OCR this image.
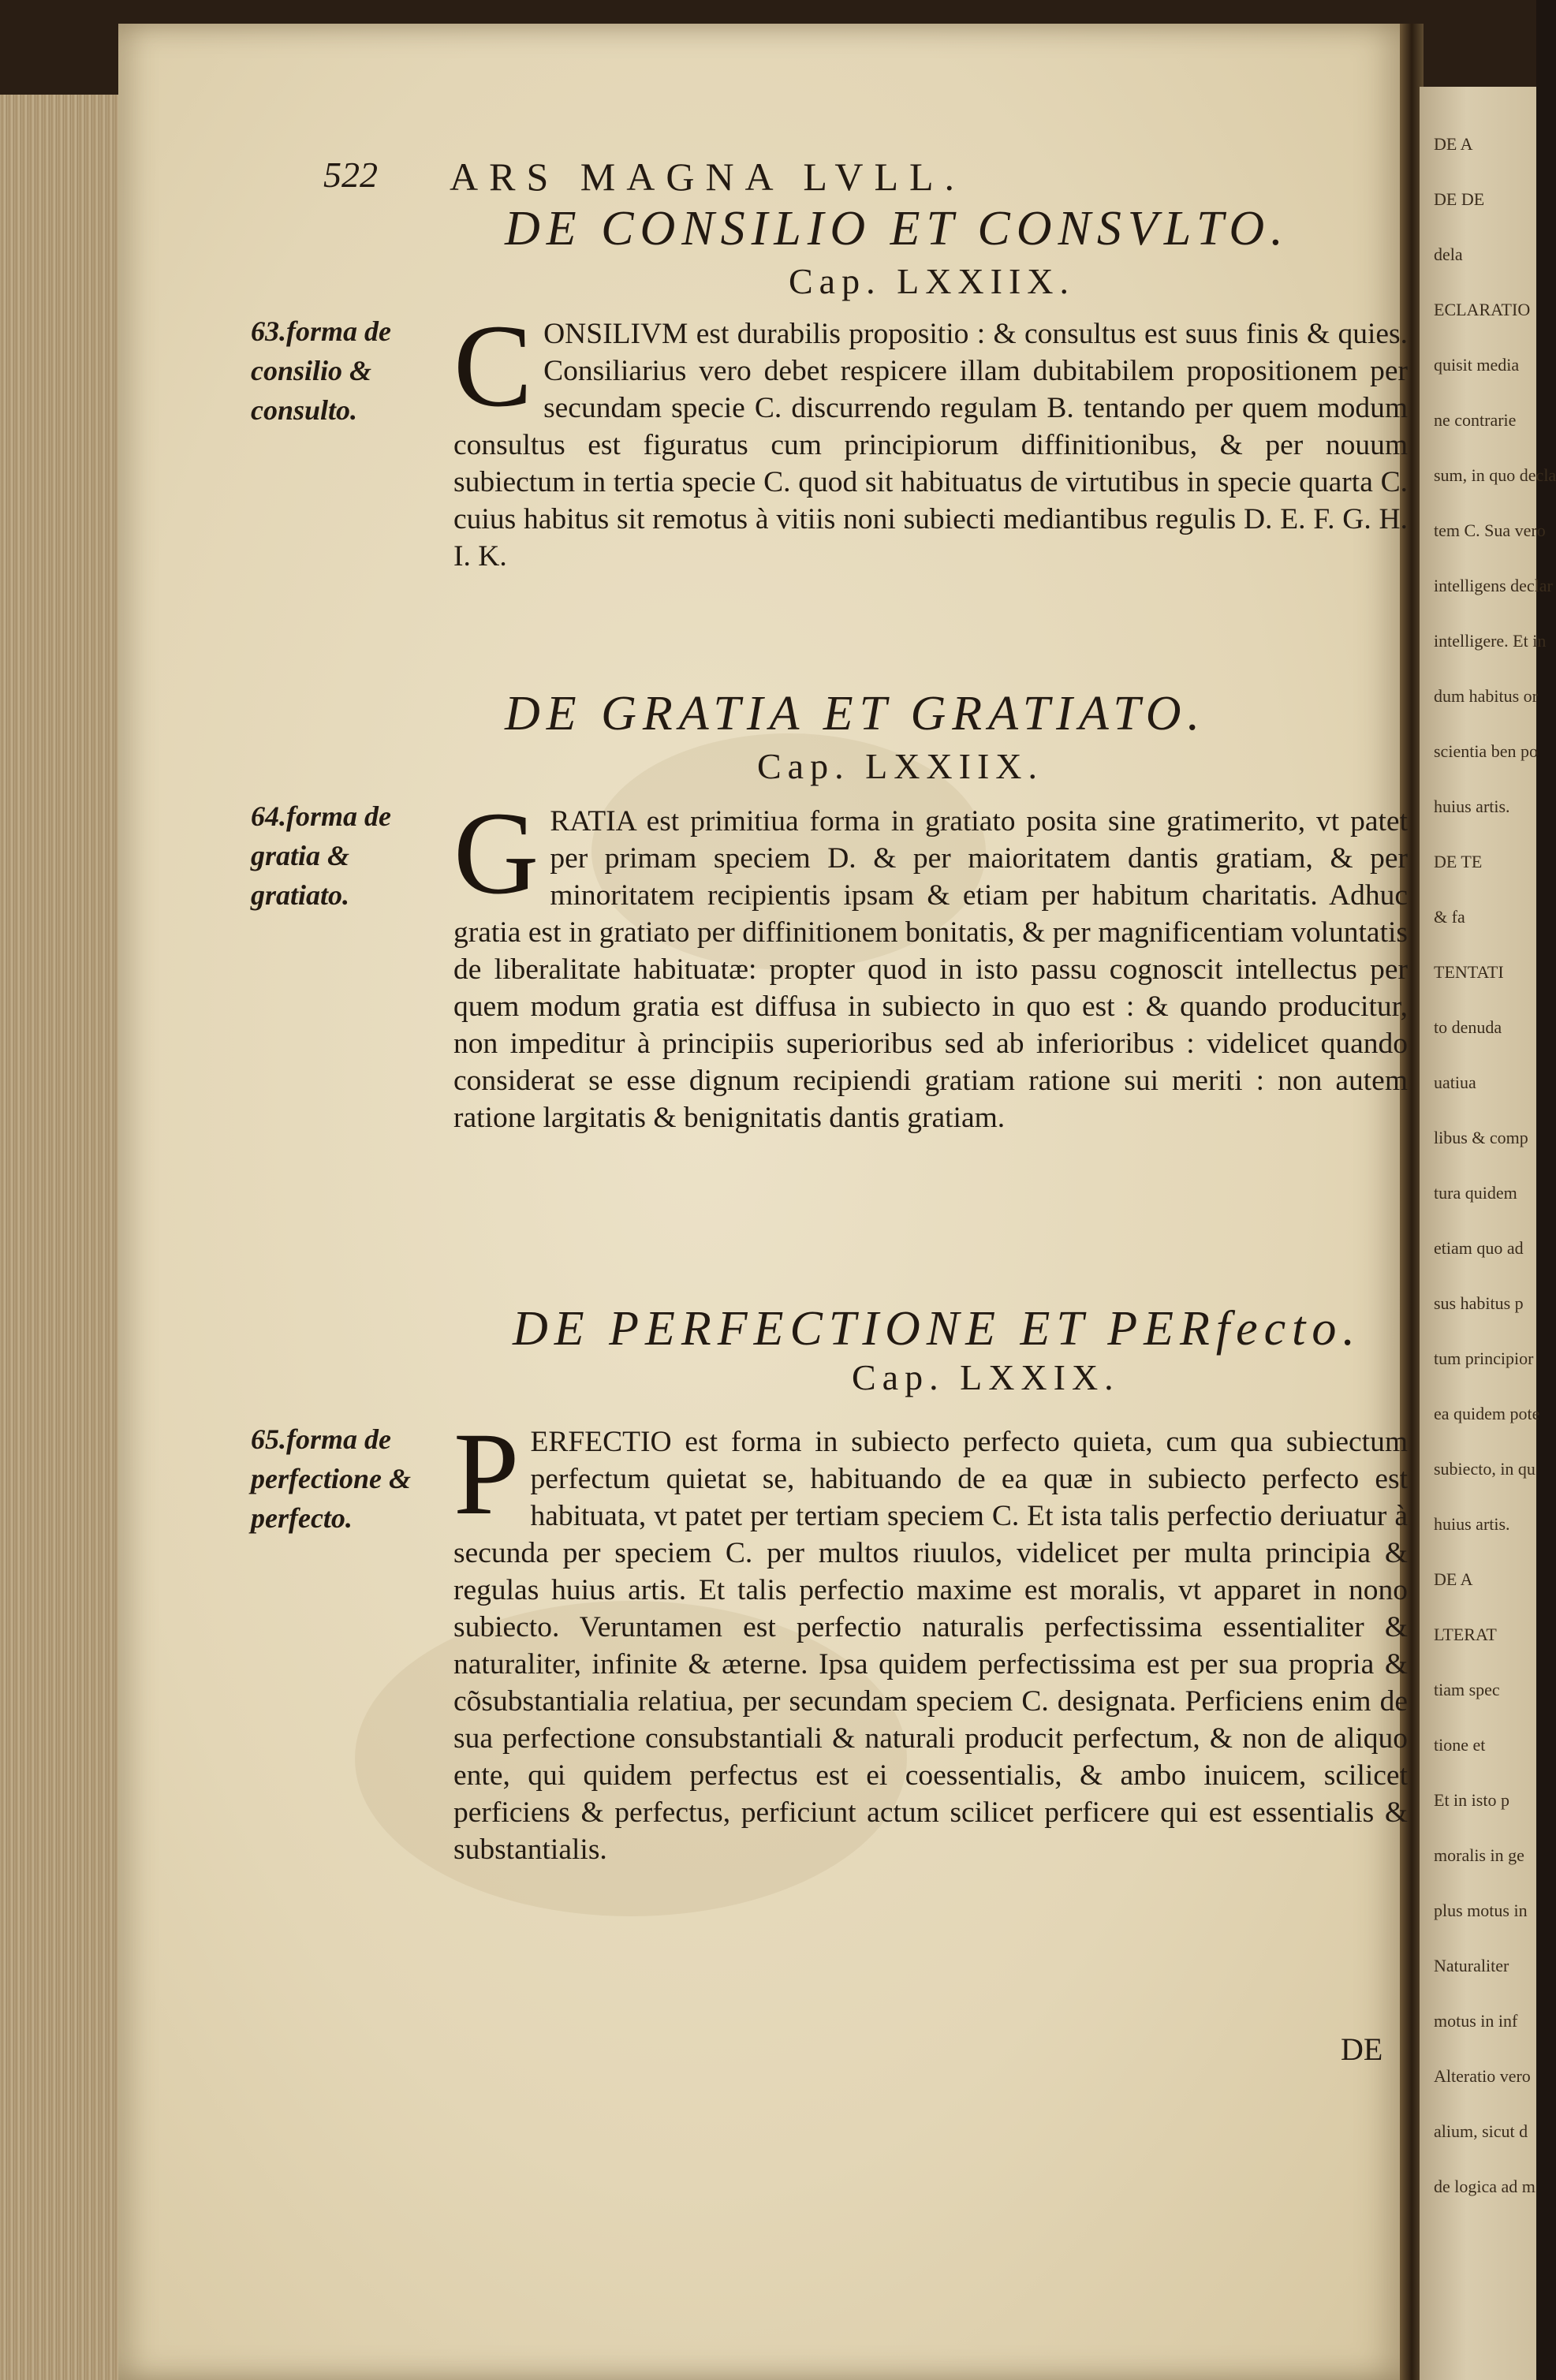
DE A
DE DE
dela
ECLARATIO
quisit media
ne contrarie
sum, in quo decla
tem C. Sua vero
intelligens declar
intelligere. Et in
dum habitus or
scientia ben po
huius artis.
DE TE
& fa
TENTATI
to denuda
uatiua
libus & comp
tura quidem
etiam quo ad
sus habitus p
tum principior
ea quidem pote
subiecto, in qu
huius artis.
DE A
LTERAT
tiam spec
tione et
Et in isto p
moralis in ge
plus motus in
Naturaliter
motus in inf
Alteratio vero
alium, sicut d
de logica ad m
522 ARS MAGNA LVLL.
DE CONSILIO ET CONSVLTO.
Cap. LXXIIX.
63.forma de consilio & consulto. C ONSILIVM est durabilis propositio : & consultus est suus finis & quies. Consiliarius vero debet respicere illam dubitabilem propositionem per secundam specie C. discurrendo regulam B. tentando per quem modum consultus est figuratus cum principiorum diffinitionibus, & per nouum subiectum in tertia specie C. quod sit habituatus de virtutibus in specie quarta C. cuius habitus sit remotus à vitiis noni subiecti mediantibus regulis D. E. F. G. H. I. K.
DE GRATIA ET GRATIATO.
Cap. LXXIIX.
64.forma de gratia & gratiato. G RATIA est primitiua forma in gratiato posita sine gratimerito, vt patet per primam speciem D. & per maioritatem dantis gratiam, & per minoritatem recipientis ipsam & etiam per habitum charitatis. Adhuc gratia est in gratiato per diffinitionem bonitatis, & per magnificentiam voluntatis de liberalitate habituatæ: propter quod in isto passu cognoscit intellectus per quem modum gratia est diffusa in subiecto in quo est : & quando producitur, non impeditur à principiis superioribus sed ab inferioribus : videlicet quando considerat se esse dignum recipiendi gratiam ratione sui meriti : non autem ratione largitatis & benignitatis dantis gratiam.
DE PERFECTIONE ET PERfecto.
Cap. LXXIX.
65.forma de perfectione & perfecto. P ERFECTIO est forma in subiecto perfecto quieta, cum qua subiectum perfectum quietat se, habituando de ea quæ in subiecto perfecto est habituata, vt patet per tertiam speciem C. Et ista talis perfectio deriuatur à secunda per speciem C. per multos riuulos, videlicet per multa principia & regulas huius artis. Et talis perfectio maxime est moralis, vt apparet in nono subiecto. Veruntamen est perfectio naturalis perfectissima essentialiter & naturaliter, infinite & æterne. Ipsa quidem perfectissima est per sua propria & cõsubstantialia relatiua, per secundam speciem C. designata. Perficiens enim de sua perfectione consubstantiali & naturali producit perfectum, & non de aliquo ente, qui quidem perfectus est ei coessentialis, & ambo inuicem, scilicet perficiens & perfectus, perficiunt actum scilicet perficere qui est essentialis & substantialis.
DE
